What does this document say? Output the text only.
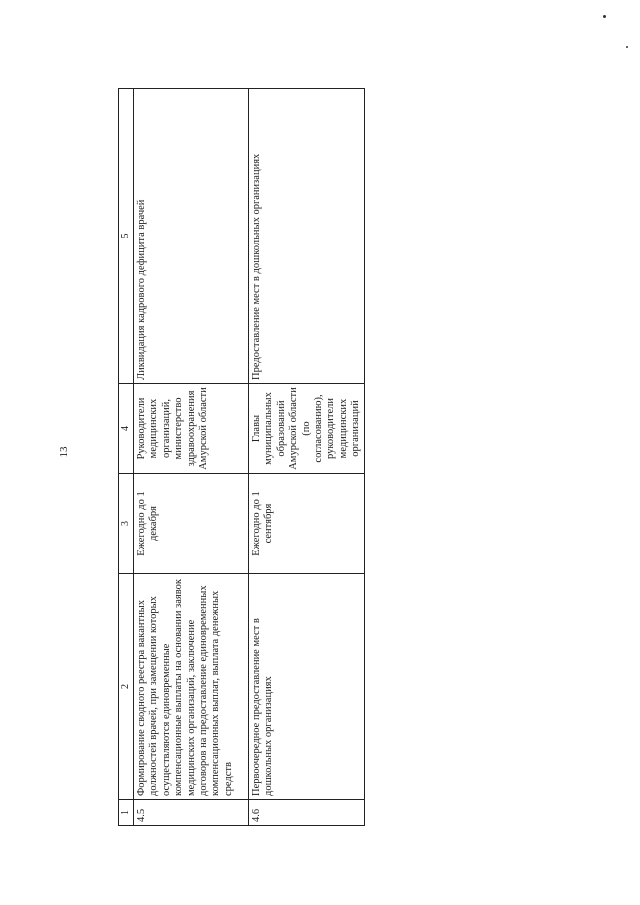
13
1	2	3	4	5
4.5	Формирование сводного реестра вакантных должностей врачей, при замещении которых осуществляются единовременные компенсационные выплаты на основании заявок медицинских организаций, заключение договоров на предоставление единовременных компенсационных выплат, выплата денежных средств	Ежегодно до 1 декабря	Руководители медицинских организаций, министерство здравоохранения Амурской области	Ликвидация кадрового дефицита врачей
4.6	Первоочередное предоставление мест в дошкольных организациях	Ежегодно до 1 сентября	Главы муниципальных образований Амурской области (по согласованию), руководители медицинских организаций	Предоставление мест в дошкольных организациях
